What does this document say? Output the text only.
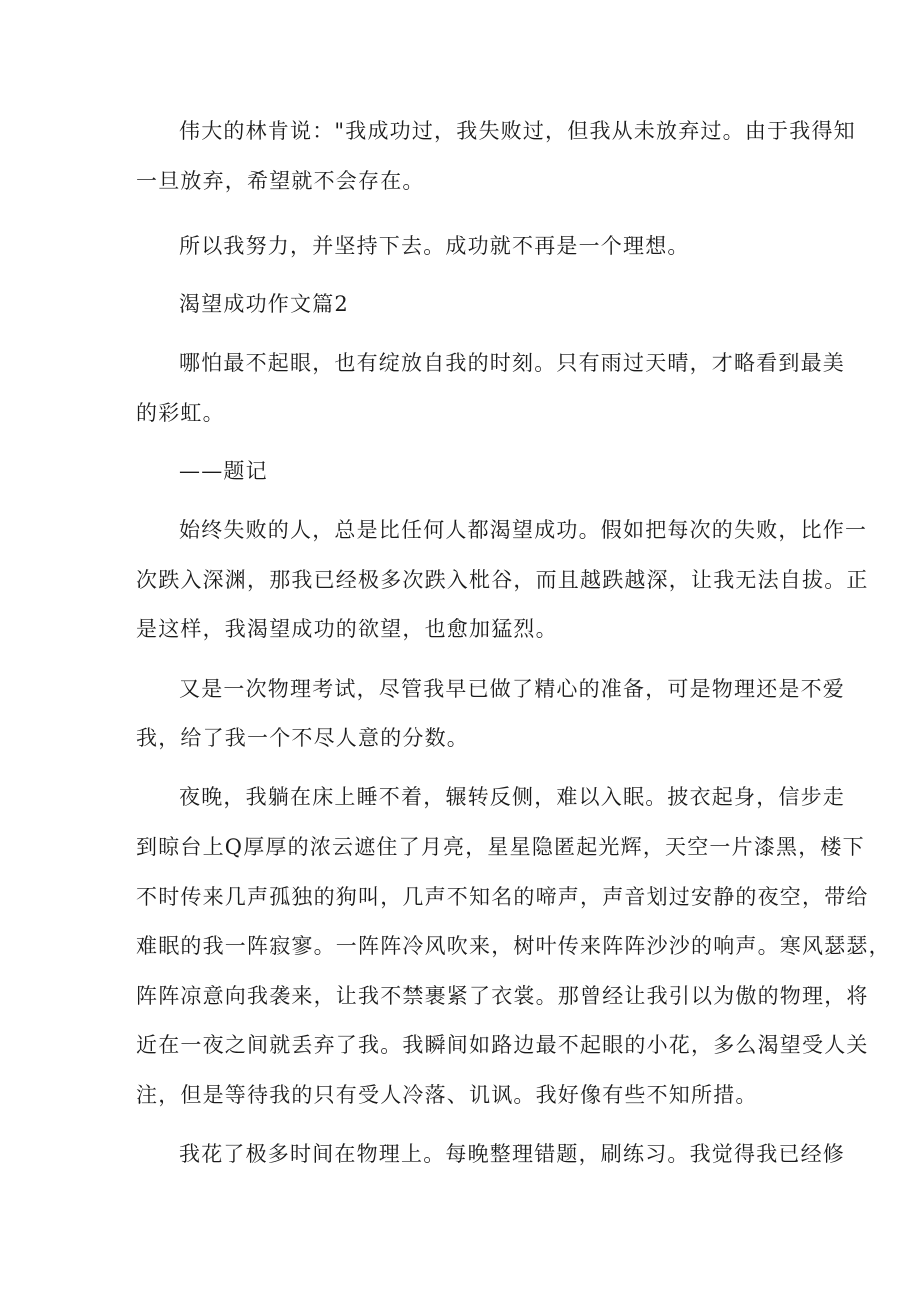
伟大的林肯说："我成功过，我失败过，但我从未放弃过。由于我得知
一旦放弃，希望就不会存在。
所以我努力，并坚持下去。成功就不再是一个理想。
渴望成功作文篇2
哪怕最不起眼，也有绽放自我的时刻。只有雨过天晴，才略看到最美
的彩虹。
——题记
始终失败的人，总是比任何人都渴望成功。假如把每次的失败，比作一
次跌入深渊，那我已经极多次跌入枇谷，而且越跌越深，让我无法自拔。正
是这样，我渴望成功的欲望，也愈加猛烈。
又是一次物理考试，尽管我早已做了精心的准备，可是物理还是不爱
我，给了我一个不尽人意的分数。
夜晚，我躺在床上睡不着，辗转反侧，难以入眠。披衣起身，信步走
到晾台上Q厚厚的浓云遮住了月亮，星星隐匿起光辉，天空一片漆黑，楼下
不时传来几声孤独的狗叫，几声不知名的啼声，声音划过安静的夜空，带给
难眠的我一阵寂寥。一阵阵冷风吹来，树叶传来阵阵沙沙的响声。寒风瑟瑟，
阵阵凉意向我袭来，让我不禁裹紧了衣裳。那曾经让我引以为傲的物理，将
近在一夜之间就丢弃了我。我瞬间如路边最不起眼的小花，多么渴望受人关
注，但是等待我的只有受人冷落、讥讽。我好像有些不知所措。
我花了极多时间在物理上。每晚整理错题，刷练习。我觉得我已经修
